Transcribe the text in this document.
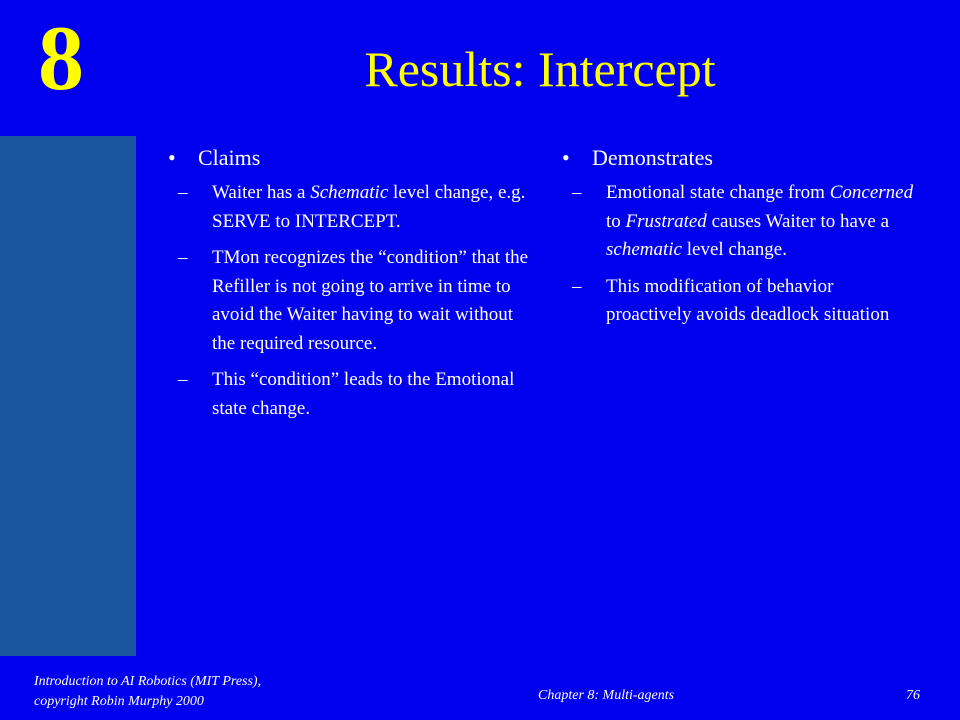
8	Results: Intercept
•	Claims
–	Waiter has a Schematic level change, e.g. SERVE to INTERCEPT.
–	TMon recognizes the “condition” that the Refiller is not going to arrive in time to avoid the Waiter having to wait without the required resource.
–	This “condition” leads to the Emotional state change.
•	Demonstrates
–	Emotional state change from Concerned to Frustrated causes Waiter to have a schematic level change.
–	This modification of behavior proactively avoids deadlock situation
Introduction to AI Robotics (MIT Press),
copyright Robin Murphy 2000	Chapter 8: Multi-agents	76
